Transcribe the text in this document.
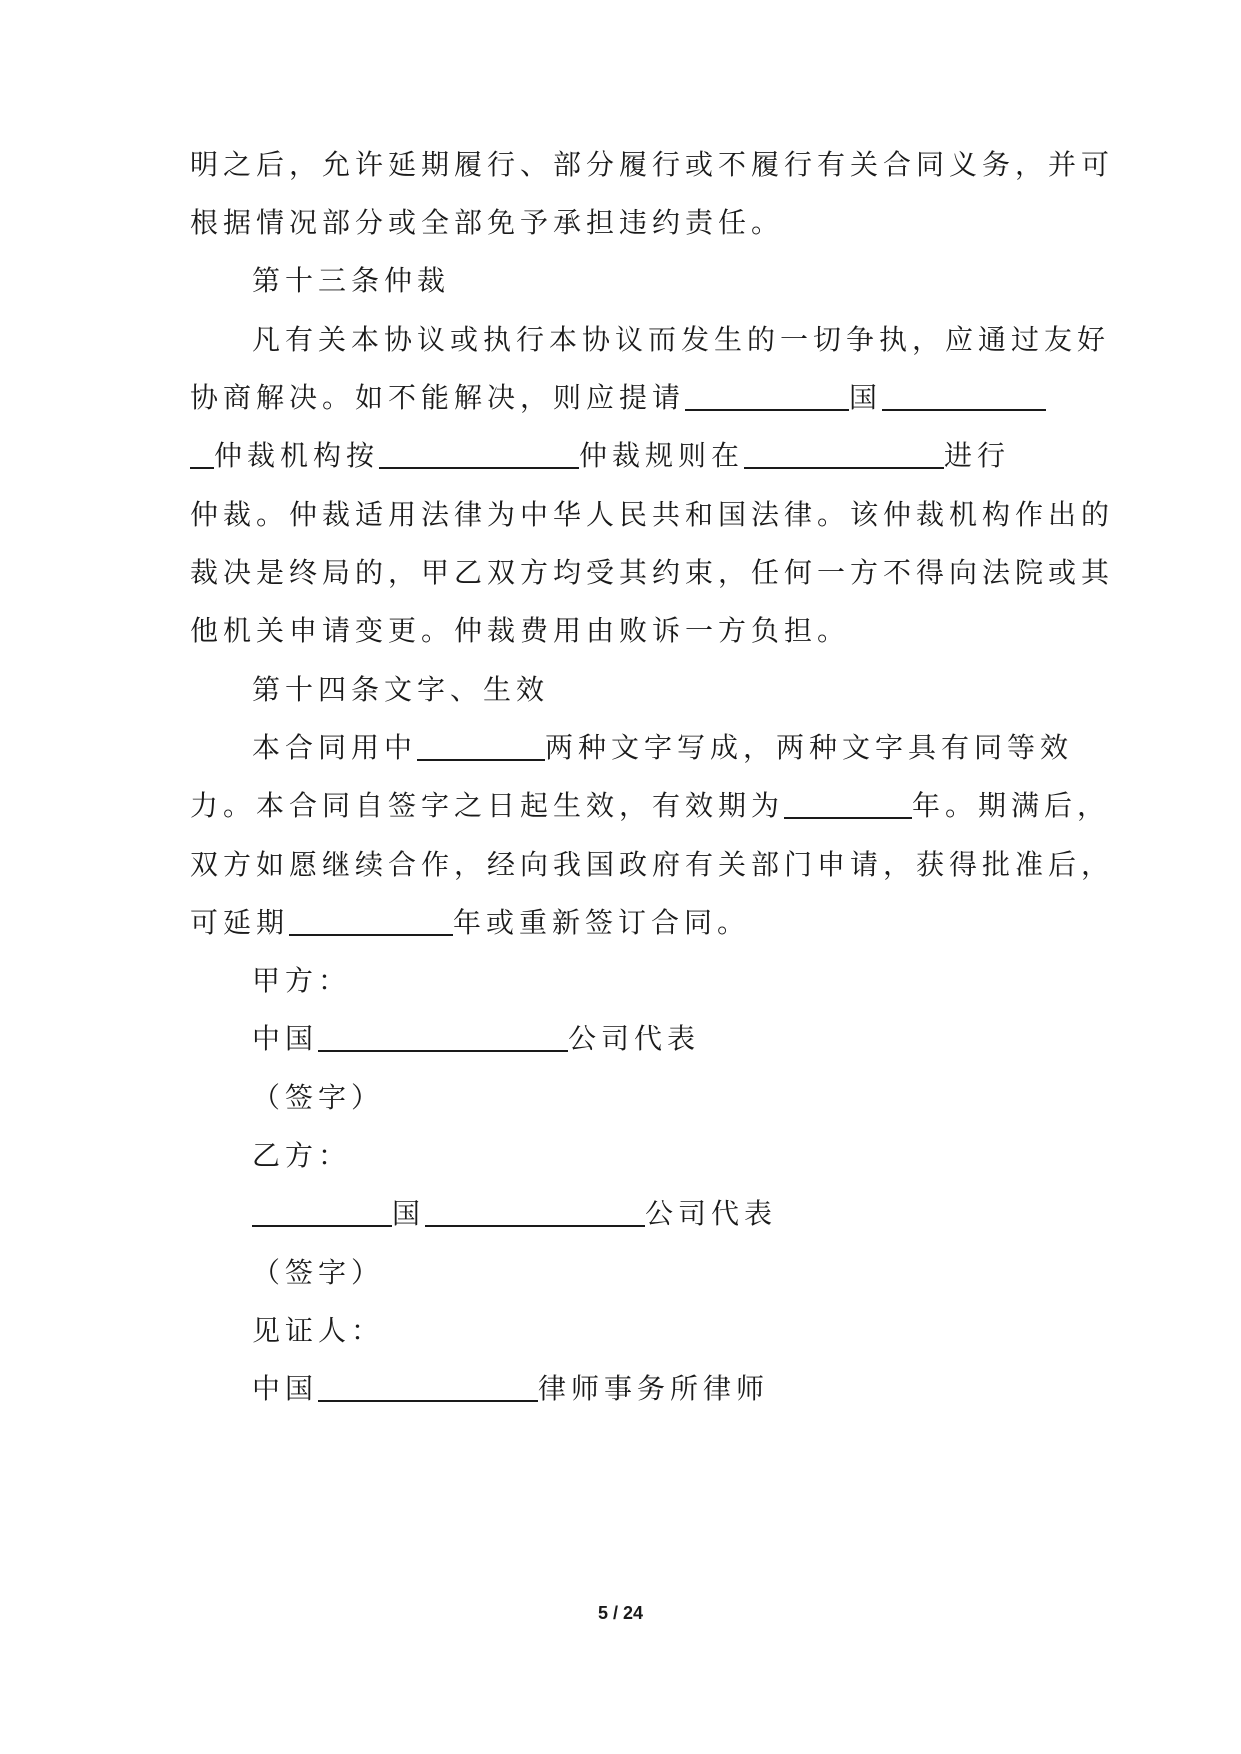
明之后，允许延期履行、部分履行或不履行有关合同义务，并可
根据情况部分或全部免予承担违约责任。
第十三条仲裁
凡有关本协议或执行本协议而发生的一切争执，应通过友好
协商解决。如不能解决，则应提请	国
仲裁机构按	仲裁规则在	进行
仲裁。仲裁适用法律为中华人民共和国法律。该仲裁机构作出的
裁决是终局的，甲乙双方均受其约束，任何一方不得向法院或其
他机关申请变更。仲裁费用由败诉一方负担。
第十四条文字、生效
本合同用中	两种文字写成，两种文字具有同等效
力。本合同自签字之日起生效，有效期为	年。期满后，
双方如愿继续合作，经向我国政府有关部门申请，获得批准后，
可延期	年或重新签订合同。
甲方：
中国	公司代表
（签字）
乙方：
国	公司代表
（签字）
见证人：
中国	律师事务所律师
5 / 24
